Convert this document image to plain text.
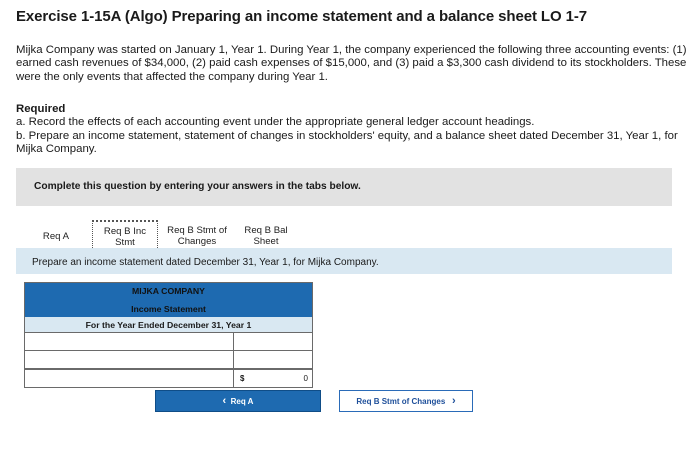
Exercise 1-15A (Algo) Preparing an income statement and a balance sheet LO 1-7
Mijka Company was started on January 1, Year 1. During Year 1, the company experienced the following three accounting events: (1) earned cash revenues of $34,000, (2) paid cash expenses of $15,000, and (3) paid a $3,300 cash dividend to its stockholders. These were the only events that affected the company during Year 1.
Required
a. Record the effects of each accounting event under the appropriate general ledger account headings.
b. Prepare an income statement, statement of changes in stockholders' equity, and a balance sheet dated December 31, Year 1, for Mijka Company.
Complete this question by entering your answers in the tabs below.
Req A	Req B Inc
Stmt
Req B Stmt of
Changes
Req B Bal
Sheet
Prepare an income statement dated December 31, Year 1, for Mijka Company.
MIJKA COMPANY
Income Statement
For the Year Ended December 31, Year 1
$	0
‹
Req A	Req B Stmt of Changes
›
